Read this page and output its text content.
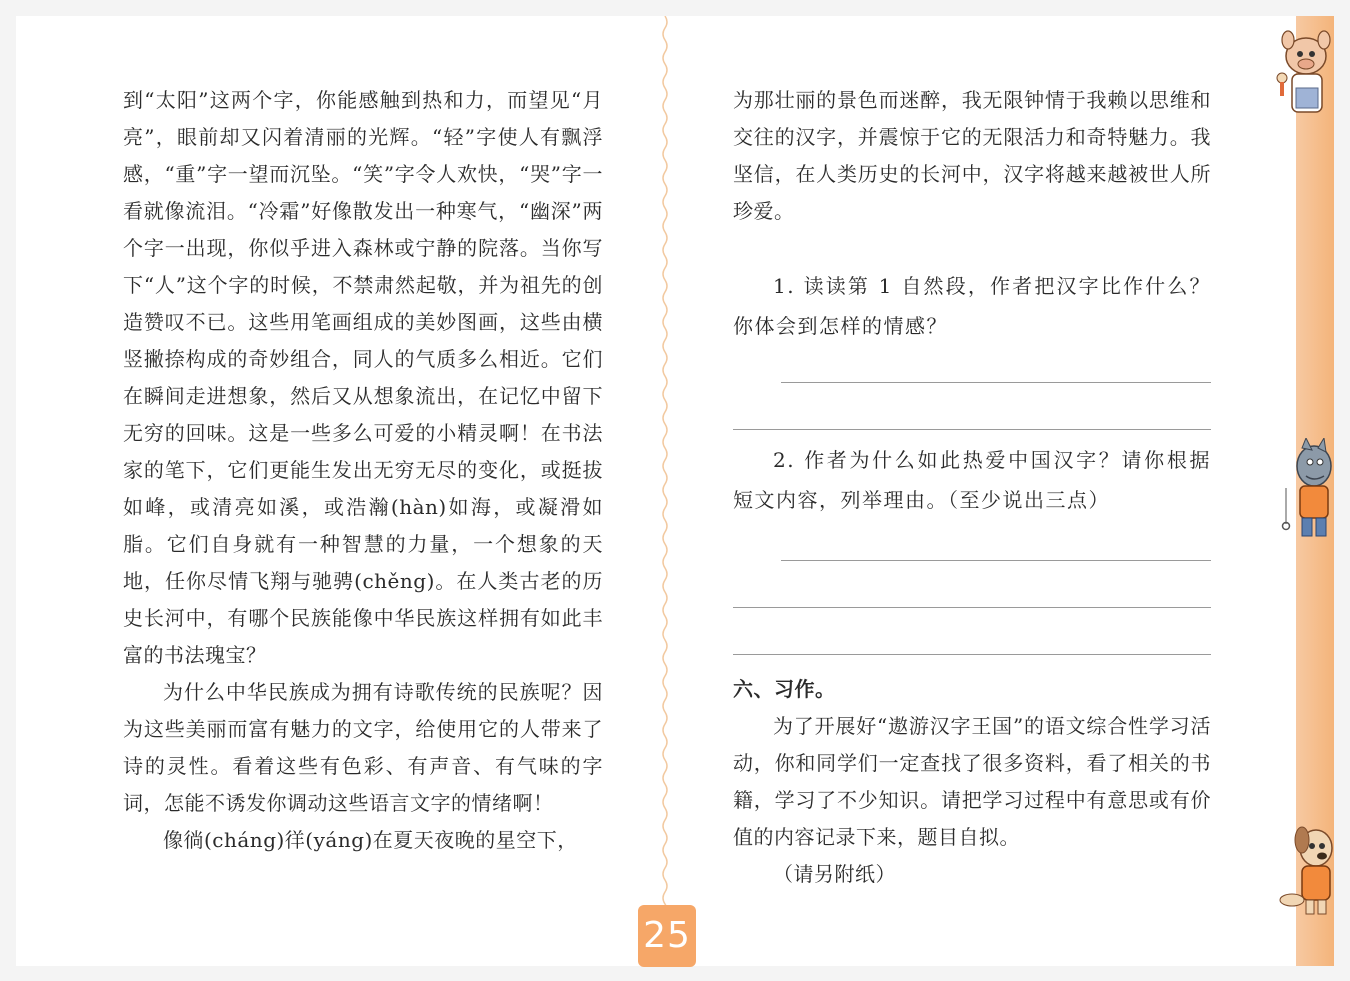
到“太阳”这两个字，你能感触到热和力，而望见“月亮”，眼前却又闪着清丽的光辉。“轻”字使人有飘浮感，“重”字一望而沉坠。“笑”字令人欢快，“哭”字一看就像流泪。“冷霜”好像散发出一种寒气，“幽深”两个字一出现，你似乎进入森林或宁静的院落。当你写下“人”这个字的时候，不禁肃然起敬，并为祖先的创造赞叹不已。这些用笔画组成的美妙图画，这些由横竖撇捺构成的奇妙组合，同人的气质多么相近。它们在瞬间走进想象，然后又从想象流出，在记忆中留下无穷的回味。这是一些多么可爱的小精灵啊！在书法家的笔下，它们更能生发出无穷无尽的变化，或挺拔如峰，或清亮如溪，或浩瀚(hàn)如海，或凝滑如脂。它们自身就有一种智慧的力量，一个想象的天地，任你尽情飞翔与驰骋(chěng)。在人类古老的历史长河中，有哪个民族能像中华民族这样拥有如此丰富的书法瑰宝？

为什么中华民族成为拥有诗歌传统的民族呢？因为这些美丽而富有魅力的文字，给使用它的人带来了诗的灵性。看着这些有色彩、有声音、有气味的字词，怎能不诱发你调动这些语言文字的情绪啊！

像徜(cháng)徉(yáng)在夏天夜晚的星空下，

为那壮丽的景色而迷醉，我无限钟情于我赖以思维和交往的汉字，并震惊于它的无限活力和奇特魅力。我坚信，在人类历史的长河中，汉字将越来越被世人所珍爱。

1. 读读第 1 自然段，作者把汉字比作什么？你体会到怎样的情感？

2. 作者为什么如此热爱中国汉字？请你根据短文内容，列举理由。（至少说出三点）

六、习作。

为了开展好“遨游汉字王国”的语文综合性学习活动，你和同学们一定查找了很多资料，看了相关的书籍，学习了不少知识。请把学习过程中有意思或有价值的内容记录下来，题目自拟。

（请另附纸）

25
